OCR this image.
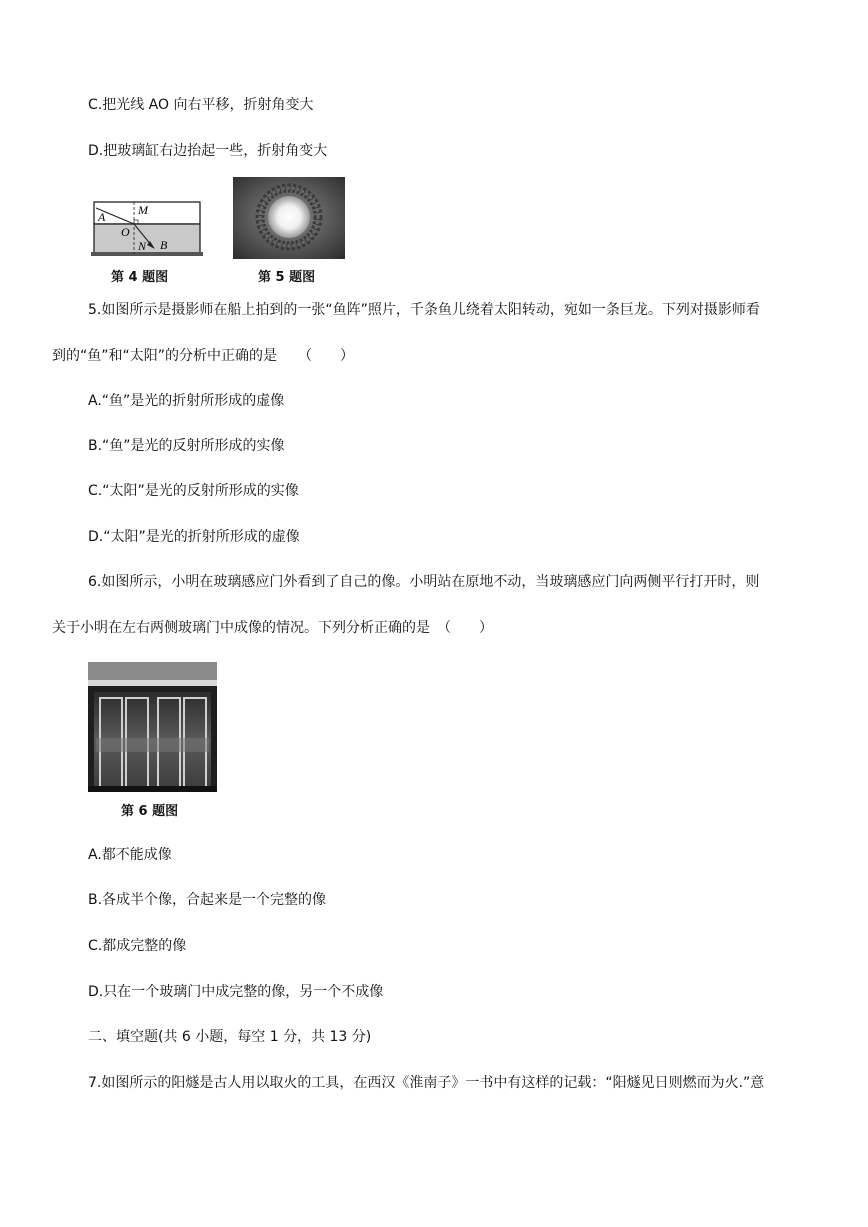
C.把光线 AO 向右平移，折射角变大
D.把玻璃缸右边抬起一些，折射角变大
A	M
O
N B
第 4 题图	第 5 题图
5.如图所示是摄影师在船上拍到的一张“鱼阵”照片，千条鱼儿绕着太阳转动，宛如一条巨龙。下列对摄影师看
到的“鱼”和“太阳”的分析中正确的是　　（　　）
A.“鱼”是光的折射所形成的虚像
B.“鱼”是光的反射所形成的实像
C.“太阳”是光的反射所形成的实像
D.“太阳”是光的折射所形成的虚像
6.如图所示，小明在玻璃感应门外看到了自己的像。小明站在原地不动，当玻璃感应门向两侧平行打开时，则
关于小明在左右两侧玻璃门中成像的情况。下列分析正确的是　（　　）
第 6 题图
A.都不能成像
B.各成半个像，合起来是一个完整的像
C.都成完整的像
D.只在一个玻璃门中成完整的像，另一个不成像
二、填空题(共 6 小题，每空 1 分，共 13 分)
7.如图所示的阳燧是古人用以取火的工具，在西汉《淮南子》一书中有这样的记载：“阳燧见日则燃而为火.”意
